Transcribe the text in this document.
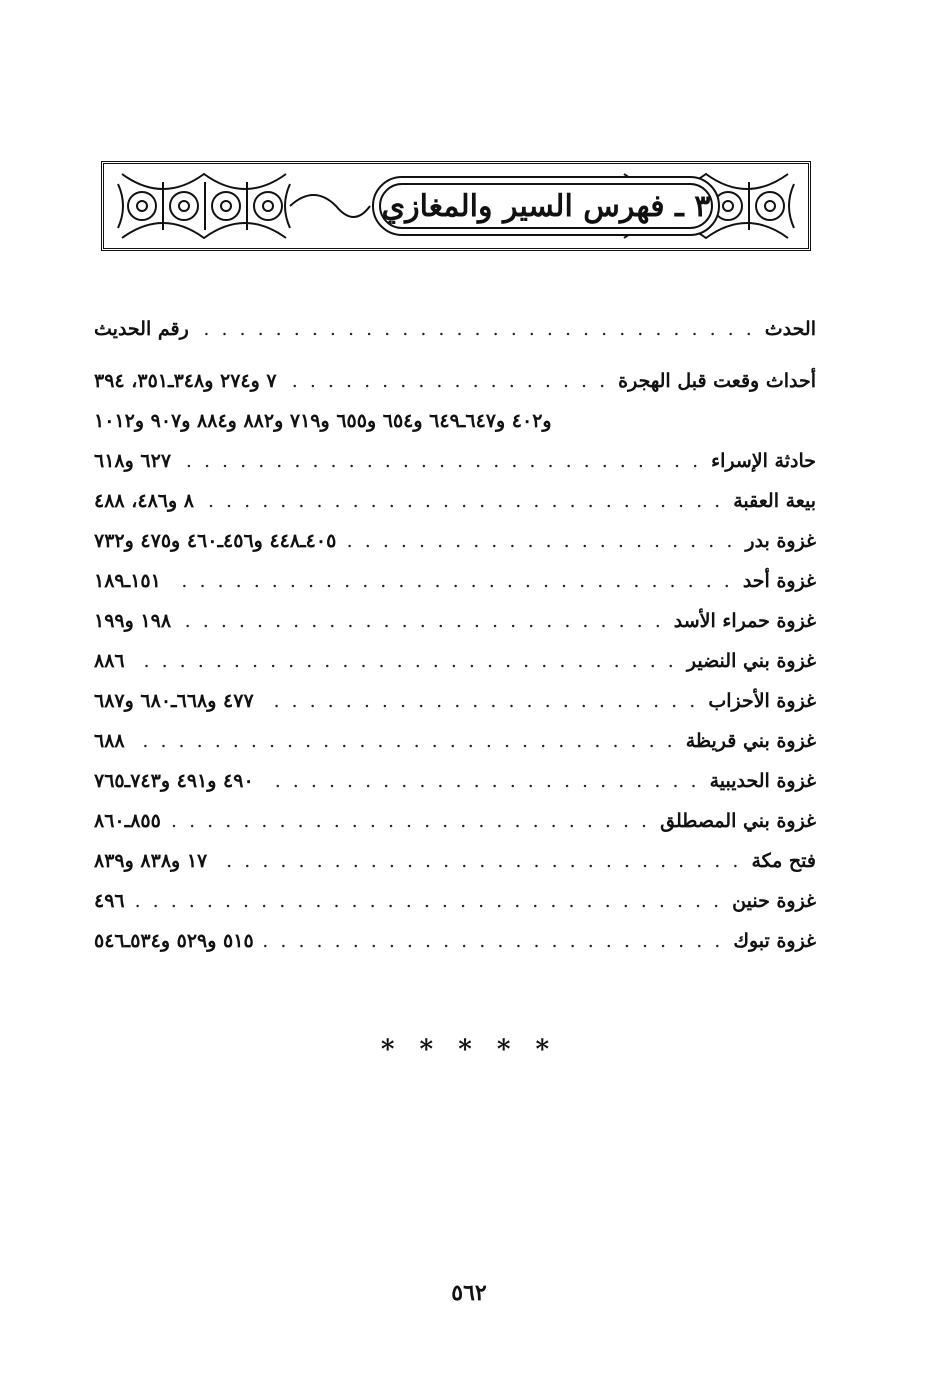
٣ ـ فهرس السير والمغازي
الحدث
. . .
رقم الحديث
أحداث وقعت قبل الهجرة
. . .
٧ و٢٧٤ و٣٤٨ـ٣٥١، ٣٩٤
و٤٠٢ و٦٤٧ـ٦٤٩ و٦٥٤ و٦٥٥ و٧١٩ و٨٨٢ و٨٨٤ و٩٠٧ و١٠١٢
حادثة الإسراء
. . .
٦٢٧ و٦١٨
بيعة العقبة
. . .
٨ و٤٨٦، ٤٨٨
غزوة بدر
. . .
٤٠٥ـ٤٤٨ و٤٥٦ـ٤٦٠ و٤٧٥ و٧٣٢
غزوة أحد
. . .
١٥١ـ١٨٩
غزوة حمراء الأسد
. . .
١٩٨ و١٩٩
غزوة بني النضير
. . .
٨٨٦
غزوة الأحزاب
. . .
٤٧٧ و٦٦٨ـ٦٨٠ و٦٨٧
غزوة بني قريظة
. . .
٦٨٨
غزوة الحديبية
. . .
٤٩٠ و٤٩١ و٧٤٣ـ٧٦٥
غزوة بني المصطلق
. . .
٨٥٥ـ٨٦٠
فتح مكة
. . .
١٧ و٨٣٨ و٨٣٩
غزوة حنين
. . .
٤٩٦
غزوة تبوك
. . .
٥١٥ و٥٢٩ و٥٣٤ـ٥٤٦
* * * * *
٥٦٢
